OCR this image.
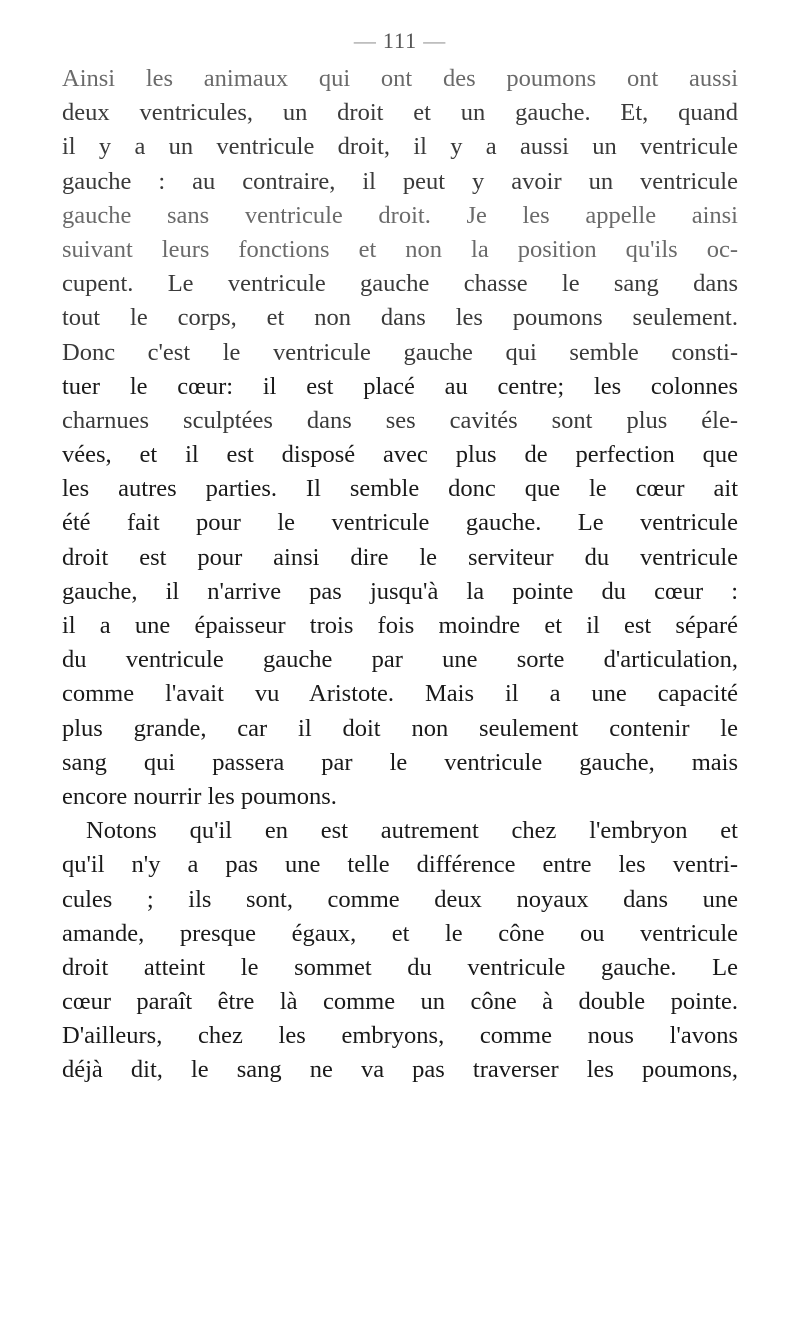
— 111 —
Ainsi les animaux qui ont des poumons ont aussi
deux ventricules, un droit et un gauche. Et, quand
il y a un ventricule droit, il y a aussi un ventricule
gauche : au contraire, il peut y avoir un ventricule
gauche sans ventricule droit. Je les appelle ainsi
suivant leurs fonctions et non la position qu'ils oc-
cupent. Le ventricule gauche chasse le sang dans
tout le corps, et non dans les poumons seulement.
Donc c'est le ventricule gauche qui semble consti-
tuer le cœur: il est placé au centre; les colonnes
charnues sculptées dans ses cavités sont plus éle-
vées, et il est disposé avec plus de perfection que
les autres parties. Il semble donc que le cœur ait
été fait pour le ventricule gauche. Le ventricule
droit est pour ainsi dire le serviteur du ventricule
gauche, il n'arrive pas jusqu'à la pointe du cœur :
il a une épaisseur trois fois moindre et il est séparé
du ventricule gauche par une sorte d'articulation,
comme l'avait vu Aristote. Mais il a une capacité
plus grande, car il doit non seulement contenir le
sang qui passera par le ventricule gauche, mais
encore nourrir les poumons.
Notons qu'il en est autrement chez l'embryon et
qu'il n'y a pas une telle différence entre les ventri-
cules ; ils sont, comme deux noyaux dans une
amande, presque égaux, et le cône ou ventricule
droit atteint le sommet du ventricule gauche. Le
cœur paraît être là comme un cône à double pointe.
D'ailleurs, chez les embryons, comme nous l'avons
déjà dit, le sang ne va pas traverser les poumons,
